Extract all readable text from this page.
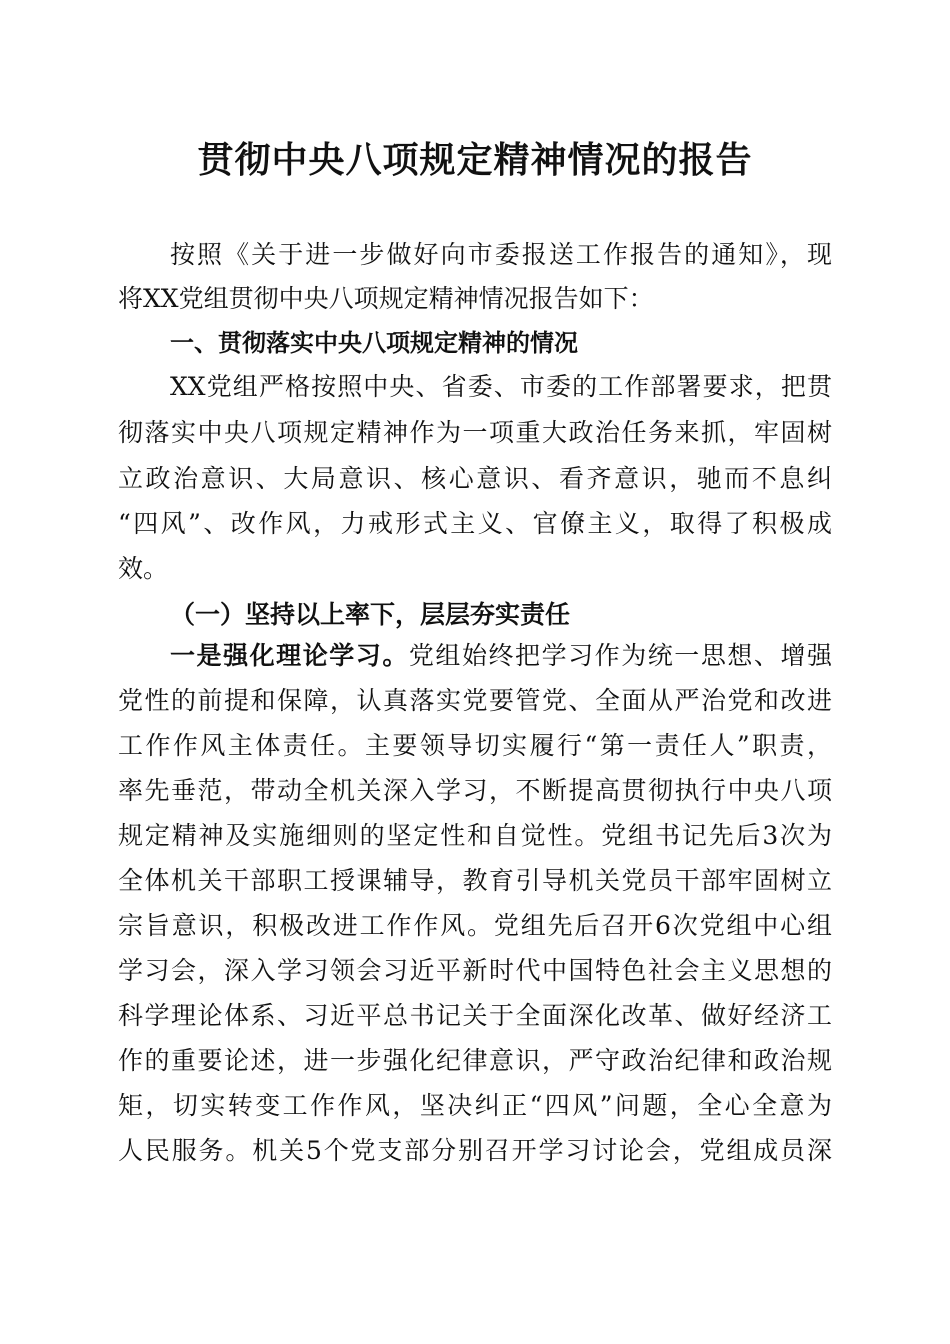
贯彻中央八项规定精神情况的报告
按照《关于进一步做好向市委报送工作报告的通知》，现
将XX党组贯彻中央八项规定精神情况报告如下：
一、贯彻落实中央八项规定精神的情况
XX党组严格按照中央、省委、市委的工作部署要求，把贯
彻落实中央八项规定精神作为一项重大政治任务来抓，牢固树
立政治意识、大局意识、核心意识、看齐意识，驰而不息纠
“四风”、改作风，力戒形式主义、官僚主义，取得了积极成
效。
（一）坚持以上率下，层层夯实责任
一是强化理论学习。党组始终把学习作为统一思想、增强
党性的前提和保障，认真落实党要管党、全面从严治党和改进
工作作风主体责任。主要领导切实履行“第一责任人”职责，
率先垂范，带动全机关深入学习，不断提高贯彻执行中央八项
规定精神及实施细则的坚定性和自觉性。党组书记先后3次为
全体机关干部职工授课辅导，教育引导机关党员干部牢固树立
宗旨意识，积极改进工作作风。党组先后召开6次党组中心组
学习会，深入学习领会习近平新时代中国特色社会主义思想的
科学理论体系、习近平总书记关于全面深化改革、做好经济工
作的重要论述，进一步强化纪律意识，严守政治纪律和政治规
矩，切实转变工作作风，坚决纠正“四风”问题，全心全意为
人民服务。机关5个党支部分别召开学习讨论会，党组成员深
